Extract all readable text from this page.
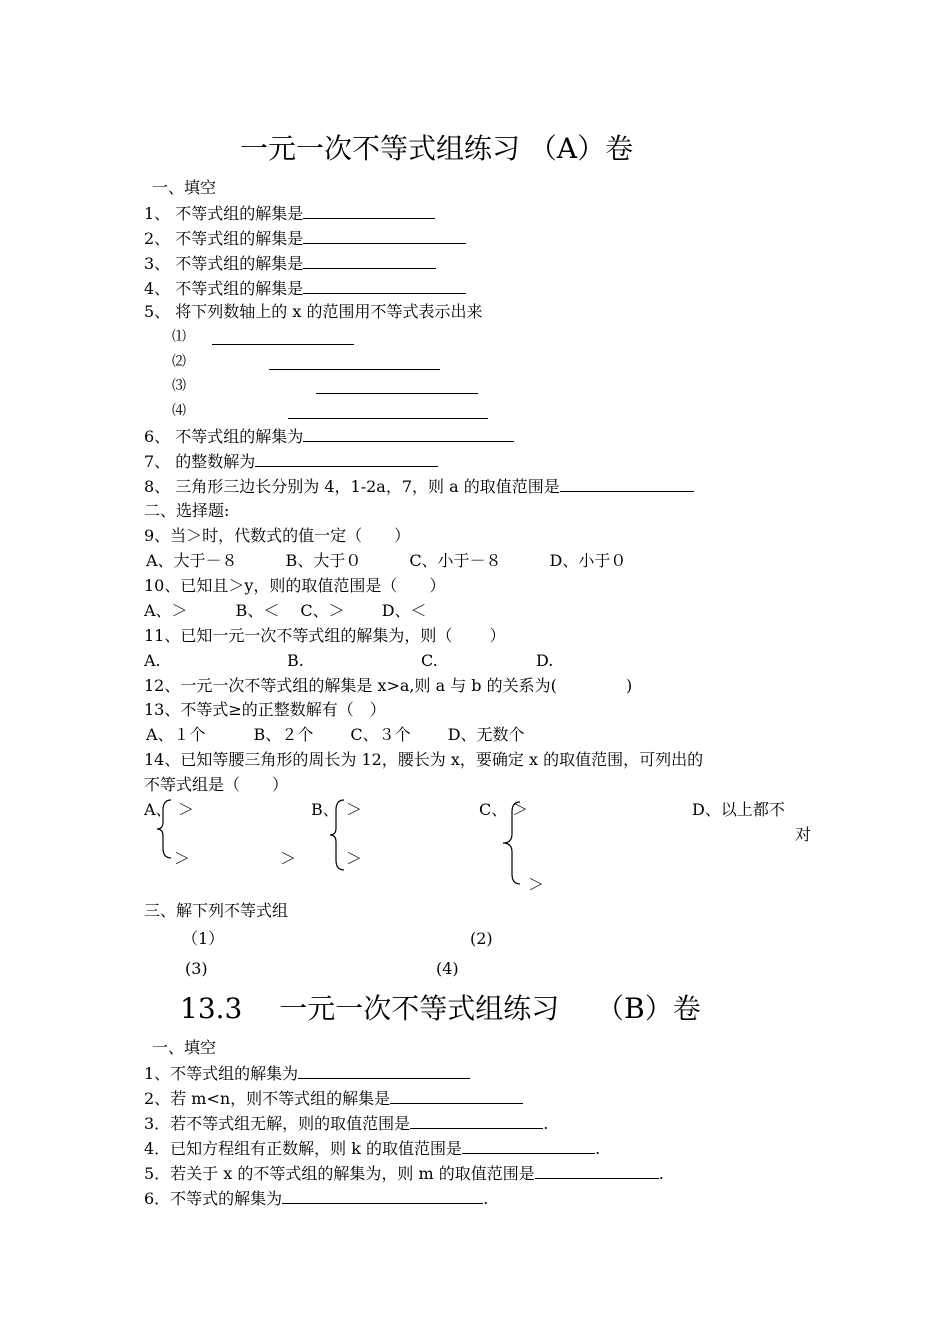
一元一次不等式组练习 （A）卷
一、填空
1、 不等式组的解集是
2、 不等式组的解集是
3、 不等式组的解集是
4、 不等式组的解集是
5、 将下列数轴上的 x 的范围用不等式表示出来
⑴
⑵
⑶
⑷
6、 不等式组的解集为
7、 的整数解为
8、 三角形三边长分别为 4，1-2a，7，则 a 的取值范围是
二、选择题:
9、当＞时，代数式的值一定（　　）
A、大于－８　　　B、大于０　　　C、小于－８　　　D、小于０
10、已知且＞y，则的取值范围是（　　）
A、＞　　　B、＜　 C、＞　　 D、＜
11、已知一元一次不等式组的解集为，则（　　 ）
A.	B.	C.	D.
12、一元一次不等式组的解集是 x>a,则 a 与 b 的关系为(　　　　 )
13、不等式≥的正整数解有（　）
A、１个　　　B、２个　　 C、３个　　 D、无数个
14、已知等腰三角形的周长为 12，腰长为 x，要确定 x 的取值范围，可列出的
不等式组是（　　）
A、 ＞
＞	＞
B、 ＞
＞
C、 ＞
＞
D、以上都不
对
三、解下列不等式组
（1）	(2)
(3)	(4)
13.3　 一元一次不等式组练习　 （B）卷
一、填空
1、不等式组的解集为
2、若 m<n，则不等式组的解集是
3．若不等式组无解，则的取值范围是	.
4．已知方程组有正数解，则 k 的取值范围是	.
5．若关于 x 的不等式组的解集为，则 m 的取值范围是	.
6．不等式的解集为	.
